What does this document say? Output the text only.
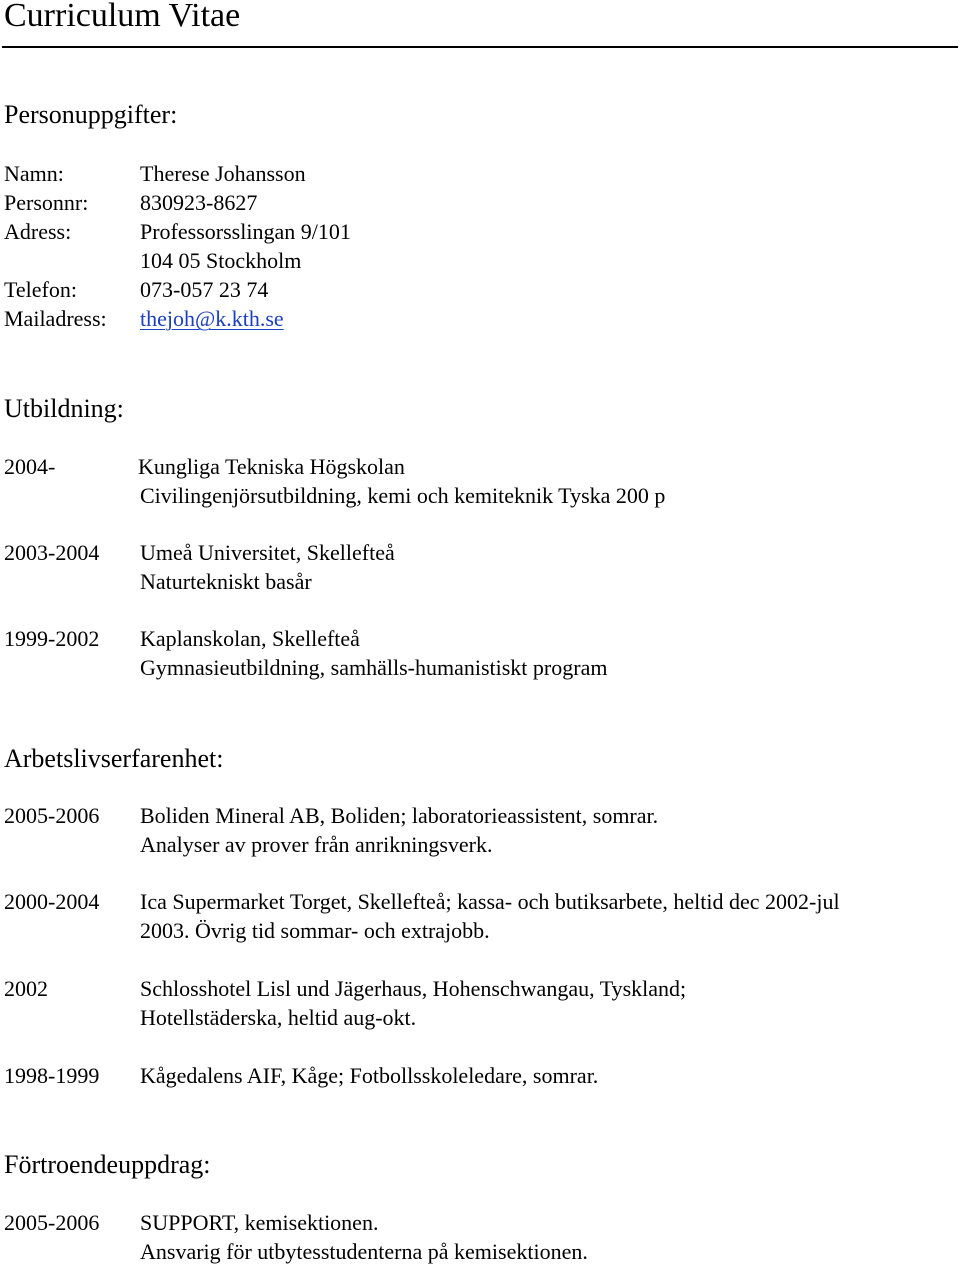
Curriculum Vitae
Personuppgifter:
Namn:	Therese Johansson
Personnr: 830923-8627
Adress:	Professorsslingan 9/101
104 05 Stockholm
Telefon:	073-057 23 74
Mailadress: thejoh@k.kth.se
Utbildning:
2004-	Kungliga Tekniska Högskolan
Civilingenjörsutbildning, kemi och kemiteknik Tyska 200 p
2003-2004 Umeå Universitet, Skellefteå
Naturtekniskt basår
1999-2002 Kaplanskolan, Skellefteå
Gymnasieutbildning, samhälls-humanistiskt program
Arbetslivserfarenhet:
2005-2006 Boliden Mineral AB, Boliden; laboratorieassistent, somrar.
Analyser av prover från anrikningsverk.
2000-2004 Ica Supermarket Torget, Skellefteå; kassa- och butiksarbete, heltid dec 2002-jul
2003. Övrig tid sommar- och extrajobb.
2002	Schlosshotel Lisl und Jägerhaus, Hohenschwangau, Tyskland;
Hotellstäderska, heltid aug-okt.
1998-1999 Kågedalens AIF, Kåge; Fotbollsskoleledare, somrar.
Förtroendeuppdrag:
2005-2006 SUPPORT, kemisektionen.
Ansvarig för utbytesstudenterna på kemisektionen.
